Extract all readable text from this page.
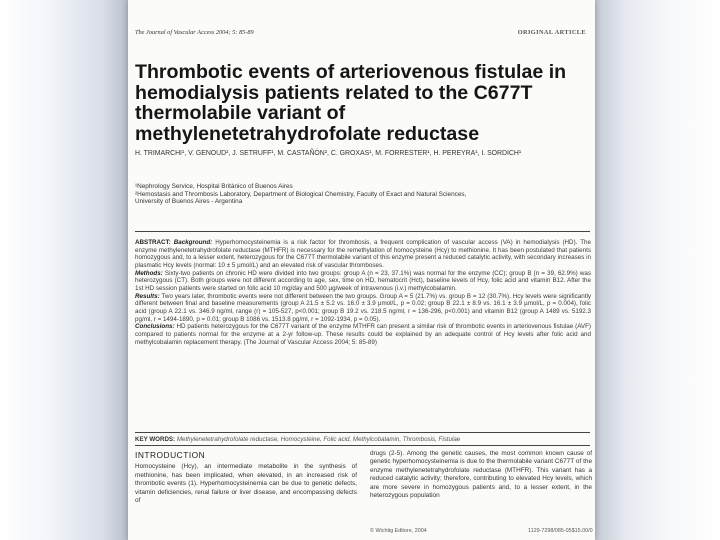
The Journal of Vascular Access 2004; 5: 85-89	ORIGINAL ARTICLE
Thrombotic events of arteriovenous fistulae in hemodialysis patients related to the C677T thermolabile variant of methylenetetrahydrofolate reductase
H. TRIMARCHI¹, V. GENOUD², J. SETRUFF¹, M. CASTAÑÓN², C. GROXAS¹, M. FORRESTER¹, H. PEREYRA¹, I. SORDICH¹
¹Nephrology Service, Hospital Británico of Buenos Aires
²Hemostasis and Thrombosis Laboratory, Department of Biological Chemistry, Faculty of Exact and Natural Sciences,
University of Buenos Aires - Argentina
ABSTRACT: Background: Hyperhomocysteinemia is a risk factor for thrombosis, a frequent complication of vascular access (VA) in hemodialysis (HD). The enzyme methylenetetrahydrofolate reductase (MTHFR) is necessary for the remethylation of homocysteine (Hcy) to methionine. It has been postulated that patients homozygous and, to a lesser extent, heterozygous for the C677T thermolabile variant of this enzyme present a reduced catalytic activity, with secondary increases in plasmatic Hcy levels (normal: 10 ± 5 µmol/L) and an elevated risk of vascular thromboses.
Methods: Sixty-two patients on chronic HD were divided into two groups: group A (n = 23, 37.1%) was normal for the enzyme (CC); group B (n = 39, 62.9%) was heterozygous (CT). Both groups were not different according to age, sex, time on HD, hematocrit (Hct), baseline levels of Hcy, folic acid and vitamin B12. After the 1st HD session patients were started on folic acid 10 mg/day and 500 µg/week of intravenous (i.v.) methylcobalamin.
Results: Two years later, thrombotic events were not different between the two groups. Group A = 5 (21.7%) vs. group B = 12 (30.7%). Hcy levels were significantly different between final and baseline measurements (group A 21.5 ± 5.2 vs. 16.0 ± 3.9 µmol/L, p = 0.02; group B 22.1 ± 8.9 vs. 16.1 ± 3.9 µmol/L, p = 0.004), folic acid (group A 22.1 vs. 346.9 ng/ml, range (r) = 105-527, p<0.001; group B 19.2 vs. 218.5 ng/ml, r = 136-296, p<0.001) and vitamin B12 (group A 1489 vs. 5192.3 pg/ml, r = 1494-1890, p = 0.01; group B 1086 vs. 1513.8 pg/ml, r = 1092-1934, p = 0.05).
Conclusions: HD patients heterozygous for the C677T variant of the enzyme MTHFR can present a similar risk of thrombotic events in arteriovenous fistulae (AVF) compared to patients normal for the enzyme at a 2-yr follow-up. These results could be explained by an adequate control of Hcy levels after folic acid and methylcobalamin replacement therapy. (The Journal of Vascular Access 2004; 5: 85-89)
KEY WORDS: Methylenetetrahydrofolate reductase, Homocysteine, Folic acid, Methylcobalamin, Thrombosis, Fistulae
INTRODUCTION
Homocysteine (Hcy), an intermediate metabolite in the synthesis of methionine, has been implicated, when elevated, in an increased risk of thrombotic events (1). Hyperhomocysteinemia can be due to genetic defects, vitamin deficiencies, renal failure or liver disease, and encompassing defects of
drugs (2-5). Among the genetic causes, the most common known cause of genetic hyperhomocysteinemia is due to the thermolabile variant C677T of the enzyme methylenetetrahydrofolate reductase (MTHFR). This variant has a reduced catalytic activity; therefore, contributing to elevated Hcy levels, which are more severe in homozygous patients and, to a lesser extent, in the heterozygous population
© Wichtig Editore, 2004	1129-7298/085-05$15.00/0
